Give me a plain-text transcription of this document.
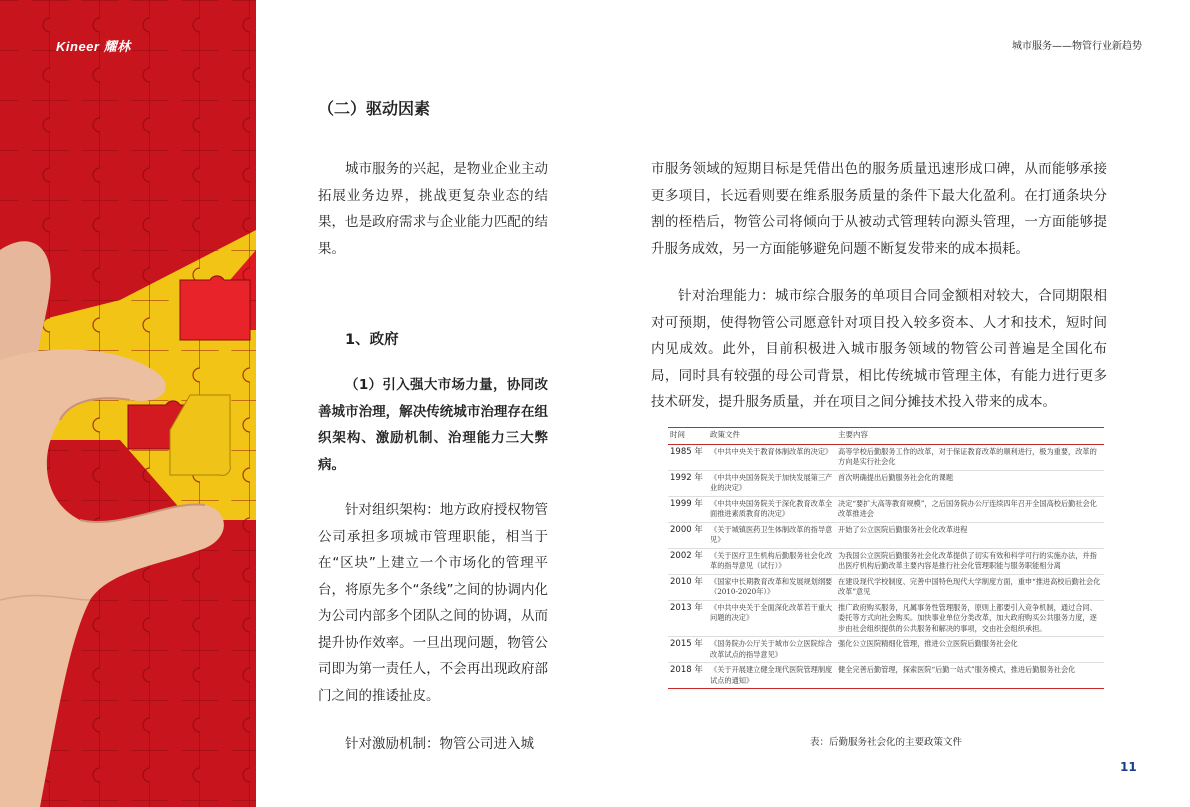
Kineer 耀林	城市服务——物管行业新趋势
（二）驱动因素

城市服务的兴起，是物业企业主动拓展业务边界，挑战更复杂业态的结果，也是政府需求与企业能力匹配的结果。

1、政府

（1）引入强大市场力量，协同改善城市治理，解决传统城市治理存在组织架构、激励机制、治理能力三大弊病。

针对组织架构：地方政府授权物管公司承担多项城市管理职能，相当于在“区块”上建立一个市场化的管理平台，将原先多个“条线”之间的协调内化为公司内部多个团队之间的协调，从而提升协作效率。一旦出现问题，物管公司即为第一责任人，不会再出现政府部门之间的推诿扯皮。

针对激励机制：物管公司进入城

市服务领域的短期目标是凭借出色的服务质量迅速形成口碑，从而能够承接更多项目，长远看则要在维系服务质量的条件下最大化盈利。在打通条块分割的桎梏后，物管公司将倾向于从被动式管理转向源头管理，一方面能够提升服务成效，另一方面能够避免问题不断复发带来的成本损耗。

针对治理能力：城市综合服务的单项目合同金额相对较大，合同期限相对可预期，使得物管公司愿意针对项目投入较多资本、人才和技术，短时间内见成效。此外，目前积极进入城市服务领域的物管公司普遍是全国化布局，同时具有较强的母公司背景，相比传统城市管理主体，有能力进行更多技术研发，提升服务质量，并在项目之间分摊技术投入带来的成本。

时间	政策文件	主要内容
1985 年	《中共中央关于教育体制改革的决定》	高等学校后勤服务工作的改革，对于保证教育改革的顺利进行，极为重要，改革的方向是实行社会化
1992 年	《中共中央国务院关于加快发展第三产业的决定》	首次明确提出后勤服务社会化的课题
1999 年	《中共中央国务院关于深化教育改革全面推进素质教育的决定》	决定“要扩大高等教育规模”，之后国务院办公厅连续四年召开全国高校后勤社会化改革推进会
2000 年	《关于城镇医药卫生体制改革的指导意见》	开始了公立医院后勤服务社会化改革进程
2002 年	《关于医疗卫生机构后勤服务社会化改革的指导意见（试行）》	为我国公立医院后勤服务社会化改革提供了切实有效和科学可行的实施办法，并指出医疗机构后勤改革主要内容是推行社会化管理职能与服务职能相分离
2010 年	《国家中长期教育改革和发展规划纲要（2010-2020年）》	在建设现代学校制度、完善中国特色现代大学制度方面，重申“推进高校后勤社会化改革”意见
2013 年	《中共中央关于全面深化改革若干重大问题的决定》	推广政府购买服务，凡属事务性管理服务，原则上都要引入竞争机制，通过合同、委托等方式向社会购买。加快事业单位分类改革，加大政府购买公共服务力度，逐步由社会组织提供的公共服务和解决的事项，交由社会组织承担。
2015 年	《国务院办公厅关于城市公立医院综合改革试点的指导意见》	强化公立医院精细化管理，推进公立医院后勤服务社会化
2018 年	《关于开展建立健全现代医院管理制度试点的通知》	健全完善后勤管理，探索医院“后勤一站式”服务模式，推进后勤服务社会化
表：后勤服务社会化的主要政策文件
11
